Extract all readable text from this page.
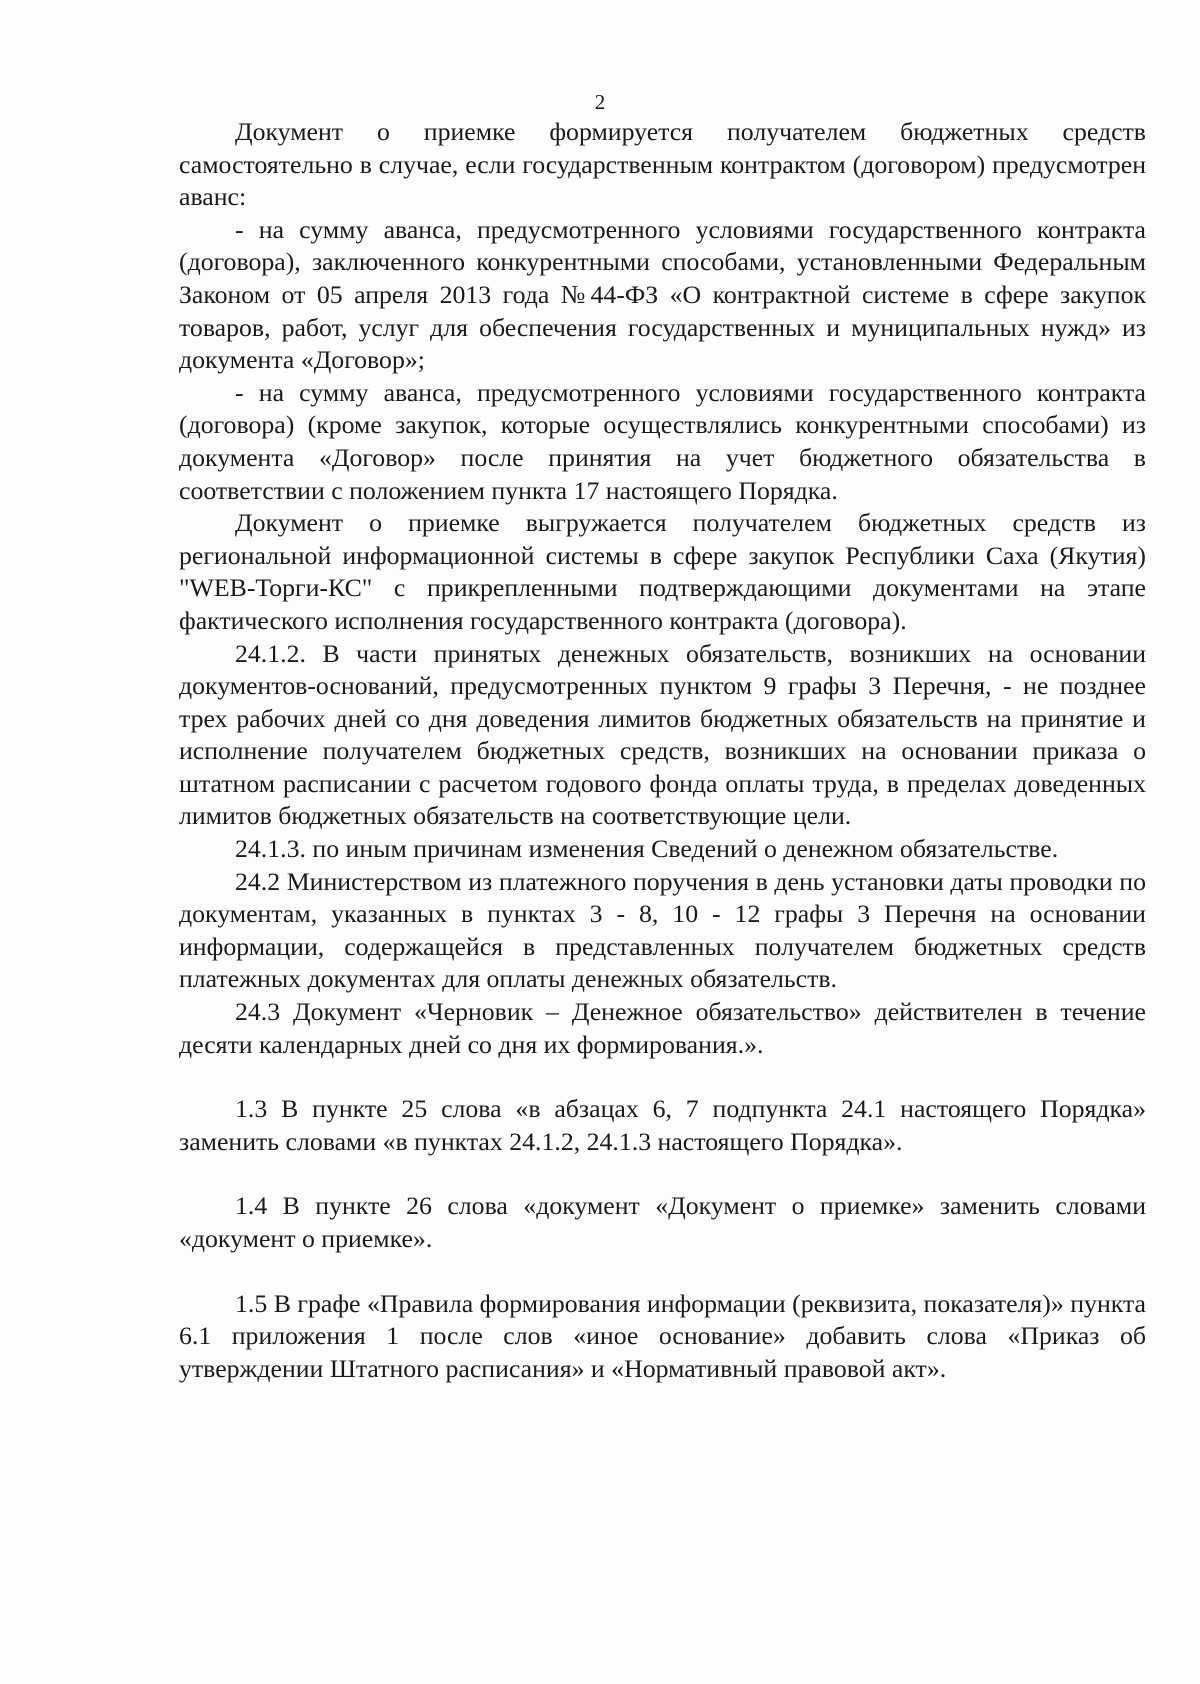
2

Документ о приемке формируется получателем бюджетных средств самостоятельно в случае, если государственным контрактом (договором) предусмотрен аванс:

- на сумму аванса, предусмотренного условиями государственного контракта (договора), заключенного конкурентными способами, установленными Федеральным Законом от 05 апреля 2013 года №44-ФЗ «О контрактной системе в сфере закупок товаров, работ, услуг для обеспечения государственных и муниципальных нужд» из документа «Договор»;

- на сумму аванса, предусмотренного условиями государственного контракта (договора) (кроме закупок, которые осуществлялись конкурентными способами) из документа «Договор» после принятия на учет бюджетного обязательства в соответствии с положением пункта 17 настоящего Порядка.

Документ о приемке выгружается получателем бюджетных средств из региональной информационной системы в сфере закупок Республики Саха (Якутия) "WEB-Торги-КС" с прикрепленными подтверждающими документами на этапе фактического исполнения государственного контракта (договора).

24.1.2. В части принятых денежных обязательств, возникших на основании документов-оснований, предусмотренных пунктом 9 графы 3 Перечня, - не позднее трех рабочих дней со дня доведения лимитов бюджетных обязательств на принятие и исполнение получателем бюджетных средств, возникших на основании приказа о штатном расписании с расчетом годового фонда оплаты труда, в пределах доведенных лимитов бюджетных обязательств на соответствующие цели.

24.1.3. по иным причинам изменения Сведений о денежном обязательстве.

24.2 Министерством из платежного поручения в день установки даты проводки по документам, указанных в пунктах 3 - 8, 10 - 12 графы 3 Перечня на основании информации, содержащейся в представленных получателем бюджетных средств платежных документах для оплаты денежных обязательств.

24.3 Документ «Черновик – Денежное обязательство» действителен в течение десяти календарных дней со дня их формирования.».

1.3 В пункте 25 слова «в абзацах 6, 7 подпункта 24.1 настоящего Порядка» заменить словами «в пунктах 24.1.2, 24.1.3 настоящего Порядка».

1.4 В пункте 26 слова «документ «Документ о приемке» заменить словами «документ о приемке».

1.5 В графе «Правила формирования информации (реквизита, показателя)» пункта 6.1 приложения 1 после слов «иное основание» добавить слова «Приказ об утверждении Штатного расписания» и «Нормативный правовой акт».
